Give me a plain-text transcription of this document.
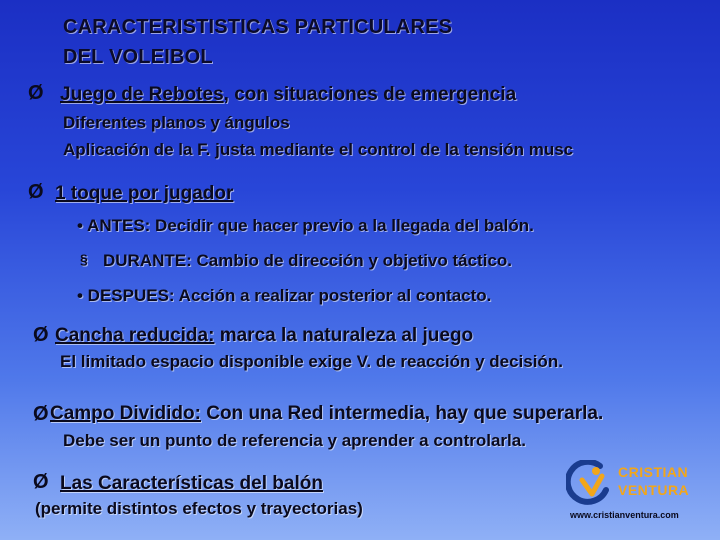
CARACTERISTISTICAS PARTICULARES
DEL VOLEIBOL
Ø Juego de Rebotes, con situaciones de emergencia
Diferentes planos y ángulos
Aplicación de la F. justa mediante el control de la tensión musc
Ø 1 toque por jugador
• ANTES: Decidir que hacer previo a la llegada del balón.
§ DURANTE: Cambio de dirección y objetivo táctico.
• DESPUES: Acción a realizar posterior al contacto.
Ø Cancha reducida: marca la naturaleza al juego
El limitado espacio disponible exige V. de reacción y decisión.
Ø Campo Dividido: Con una Red intermedia, hay que superarla.
Debe ser un punto de referencia y aprender a controlarla.
Ø Las Características del balón
(permite distintos efectos y trayectorias)
CRISTIAN
VENTURA
www.cristianventura.com
